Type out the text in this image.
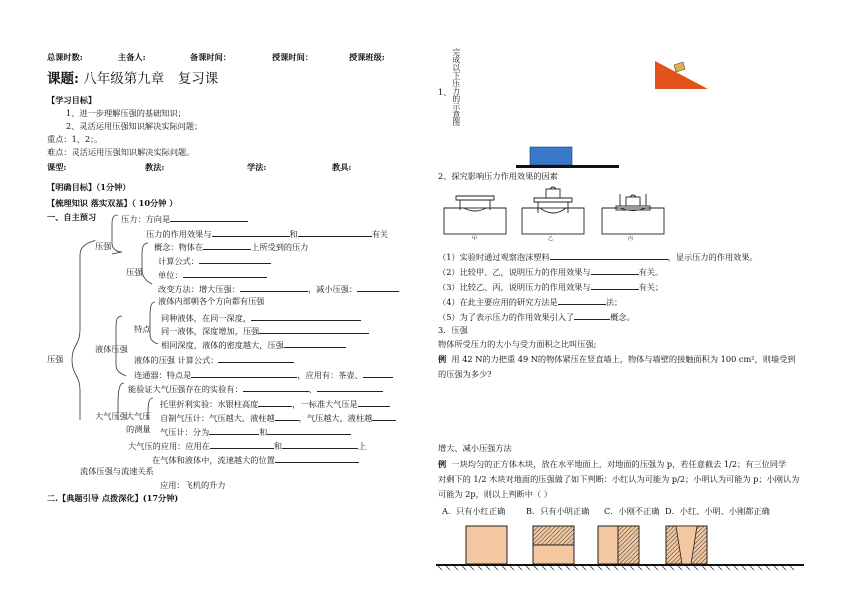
总课时数:	主备人:	备课时间：	授课时间：	授课班级:
课题: 八年级第九章　复习课
【学习目标】
1、进一步理解压强的基础知识；
2、灵活运用压强知识解决实际问题；
重点：1、2；。
难点：灵活运用压强知识解决实际问题。
课型:	教法:	学法:	教具:
【明确目标】（1分钟）
【梳理知识 落实双基】（ 10分钟 ）
一、自主预习
压强
压力：方向是
压力的作用效果与	和	有关
压强	概念：物体在	上所受到的压力
计算公式：
压强 单位：
改变方法：增大压强：	，减小压强：
液体内部朝各个方向都有压强
同种液体，在同一深度，
特点 同一液体，深度增加，压强
相同深度，液体的密度越大，压强
液体压强
液体的压强 计算公式：
连通器：特点是	，应用有：茶壶、
能验证大气压强存在的实验有：	、
托里折利实验：水银柱高度	，一标准大气压是
大气压强
大气压 自制气压计：气压越大，液柱越	，气压越大，液柱越
的测量 气压计：分为	和
大气压的应用：应用在	和	上
在气体和液体中，流速越大的位置
流体压强与流速关系
应用：飞机的升力
二.【典题引导 点拨深化】(17分钟)
1、 完成以下压力的示意图
2、探究影响压力作用效果的因素
甲	乙	丙
（1）实验时通过观察泡沫塑料	，显示压力的作用效果。
（2）比较甲、乙，说明压力的作用效果与	有关。
（3）比较乙、丙，说明压力的作用效果与	有关；
（4）在此主要应用的研究方法是	法；
（5）为了表示压力的作用效果引入了	概念。
3．压强
物体所受压力的大小与受力面积之比叫压强;
例 用 42 N的力把重 49 N的物体紧压在竖直墙上，物体与墙壁的接触面积为 100 cm²，则墙受到
的压强为多少?
增大、减小压强方法
例 一块均匀的正方体木块，放在水平地面上，对地面的压强为 p，若任意截去 1/2；有三位同学
对剩下的 1/2 木块对地面的压强做了如下判断：小红认为可能为 p/2；小明认为可能为 p；小刚认为
可能为 2p，则以上判断中（ ）
A．只有小红正确	B．只有小明正确 C．小刚不正确 D．小红、小明、小刚都正确
